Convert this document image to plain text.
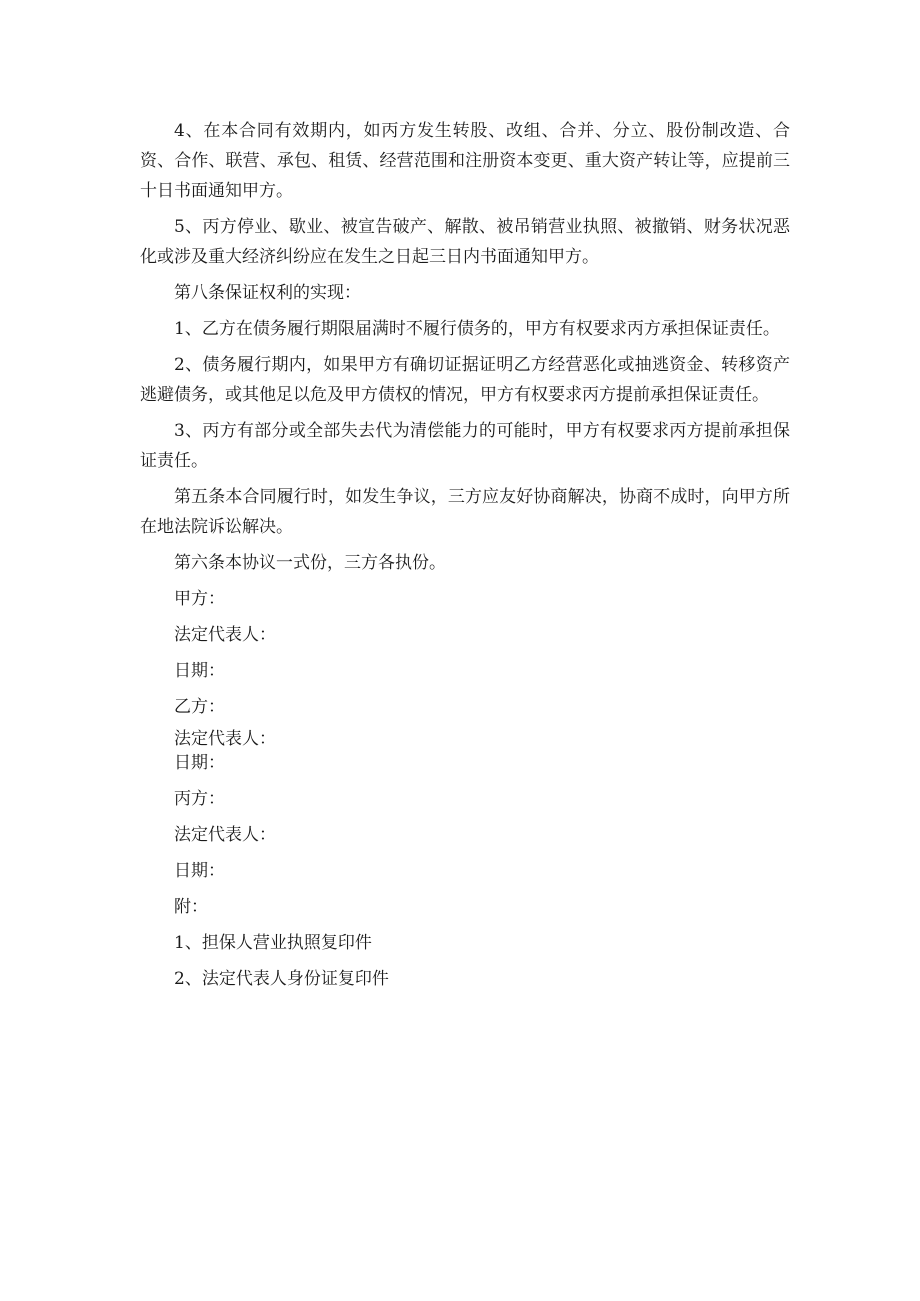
4、在本合同有效期内，如丙方发生转股、改组、合并、分立、股份制改造、合资、合作、联营、承包、租赁、经营范围和注册资本变更、重大资产转让等，应提前三十日书面通知甲方。

5、丙方停业、歇业、被宣告破产、解散、被吊销营业执照、被撤销、财务状况恶化或涉及重大经济纠纷应在发生之日起三日内书面通知甲方。

第八条保证权利的实现：

1、乙方在债务履行期限届满时不履行债务的，甲方有权要求丙方承担保证责任。

2、债务履行期内，如果甲方有确切证据证明乙方经营恶化或抽逃资金、转移资产逃避债务，或其他足以危及甲方债权的情况，甲方有权要求丙方提前承担保证责任。

3、丙方有部分或全部失去代为清偿能力的可能时，甲方有权要求丙方提前承担保证责任。

第五条本合同履行时，如发生争议，三方应友好协商解决，协商不成时，向甲方所在地法院诉讼解决。

第六条本协议一式份，三方各执份。

甲方：

法定代表人：

日期：

乙方：

法定代表人：

日期：

丙方：

法定代表人：

日期：

附：

1、担保人营业执照复印件

2、法定代表人身份证复印件
